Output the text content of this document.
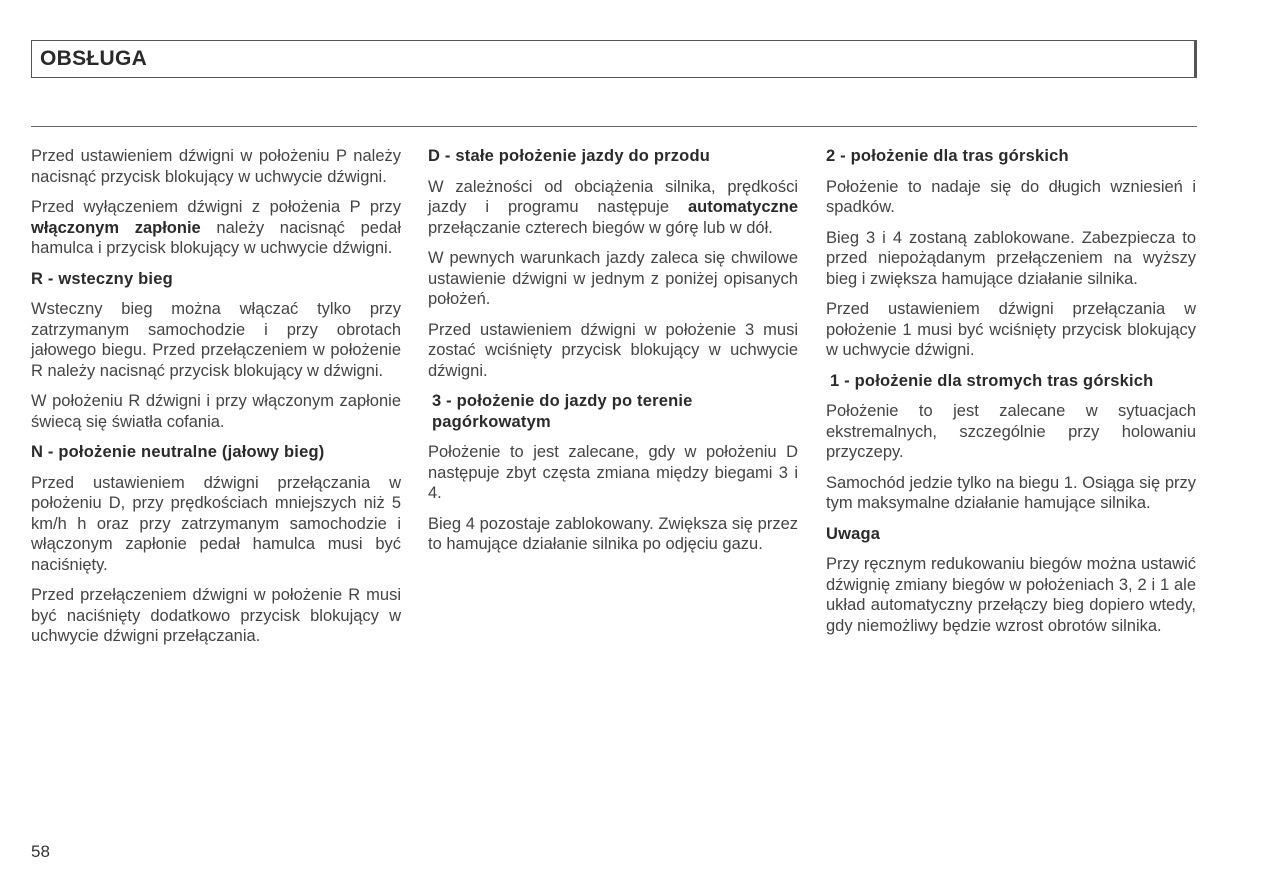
OBSŁUGA

Przed ustawieniem dźwigni w położeniu P należy nacisnąć przycisk blokujący w uchwycie dźwigni.

Przed wyłączeniem dźwigni z położenia P przy włączonym zapłonie należy nacisnąć pedał hamulca i przycisk blokujący w uchwycie dźwigni.

R - wsteczny bieg

Wsteczny bieg można włączać tylko przy zatrzymanym samochodzie i przy obrotach jałowego biegu. Przed przełączeniem w położenie R należy nacisnąć przycisk blokujący w dźwigni.

W położeniu R dźwigni i przy włączonym zapłonie świecą się światła cofania.

N - położenie neutralne (jałowy bieg)

Przed ustawieniem dźwigni przełączania w położeniu D, przy prędkościach mniejszych niż 5 km/h h oraz przy zatrzymanym samochodzie i włączonym zapłonie pedał hamulca musi być naciśnięty.

Przed przełączeniem dźwigni w położenie R musi być naciśnięty dodatkowo przycisk blokujący w uchwycie dźwigni przełączania.

D - stałe położenie jazdy do przodu

W zależności od obciążenia silnika, prędkości jazdy i programu następuje automatyczne przełączanie czterech biegów w górę lub w dół.

W pewnych warunkach jazdy zaleca się chwilowe ustawienie dźwigni w jednym z poniżej opisanych położeń.

Przed ustawieniem dźwigni w położenie 3 musi zostać wciśnięty przycisk blokujący w uchwycie dźwigni.

3 - położenie do jazdy po terenie pagórkowatym

Położenie to jest zalecane, gdy w położeniu D następuje zbyt częsta zmiana między biegami 3 i 4.

Bieg 4 pozostaje zablokowany. Zwiększa się przez to hamujące działanie silnika po odjęciu gazu.

2 - położenie dla tras górskich

Położenie to nadaje się do długich wzniesień i spadków.

Bieg 3 i 4 zostaną zablokowane. Zabezpiecza to przed niepożądanym przełączeniem na wyższy bieg i zwiększa hamujące działanie silnika.

Przed ustawieniem dźwigni przełączania w położenie 1 musi być wciśnięty przycisk blokujący w uchwycie dźwigni.

1 - położenie dla stromych tras górskich

Położenie to jest zalecane w sytuacjach ekstremalnych, szczególnie przy holowaniu przyczepy.

Samochód jedzie tylko na biegu 1. Osiąga się przy tym maksymalne działanie hamujące silnika.

Uwaga

Przy ręcznym redukowaniu biegów można ustawić dźwignię zmiany biegów w położeniach 3, 2 i 1 ale układ automatyczny przełączy bieg dopiero wtedy, gdy niemożliwy będzie wzrost obrotów silnika.

58
